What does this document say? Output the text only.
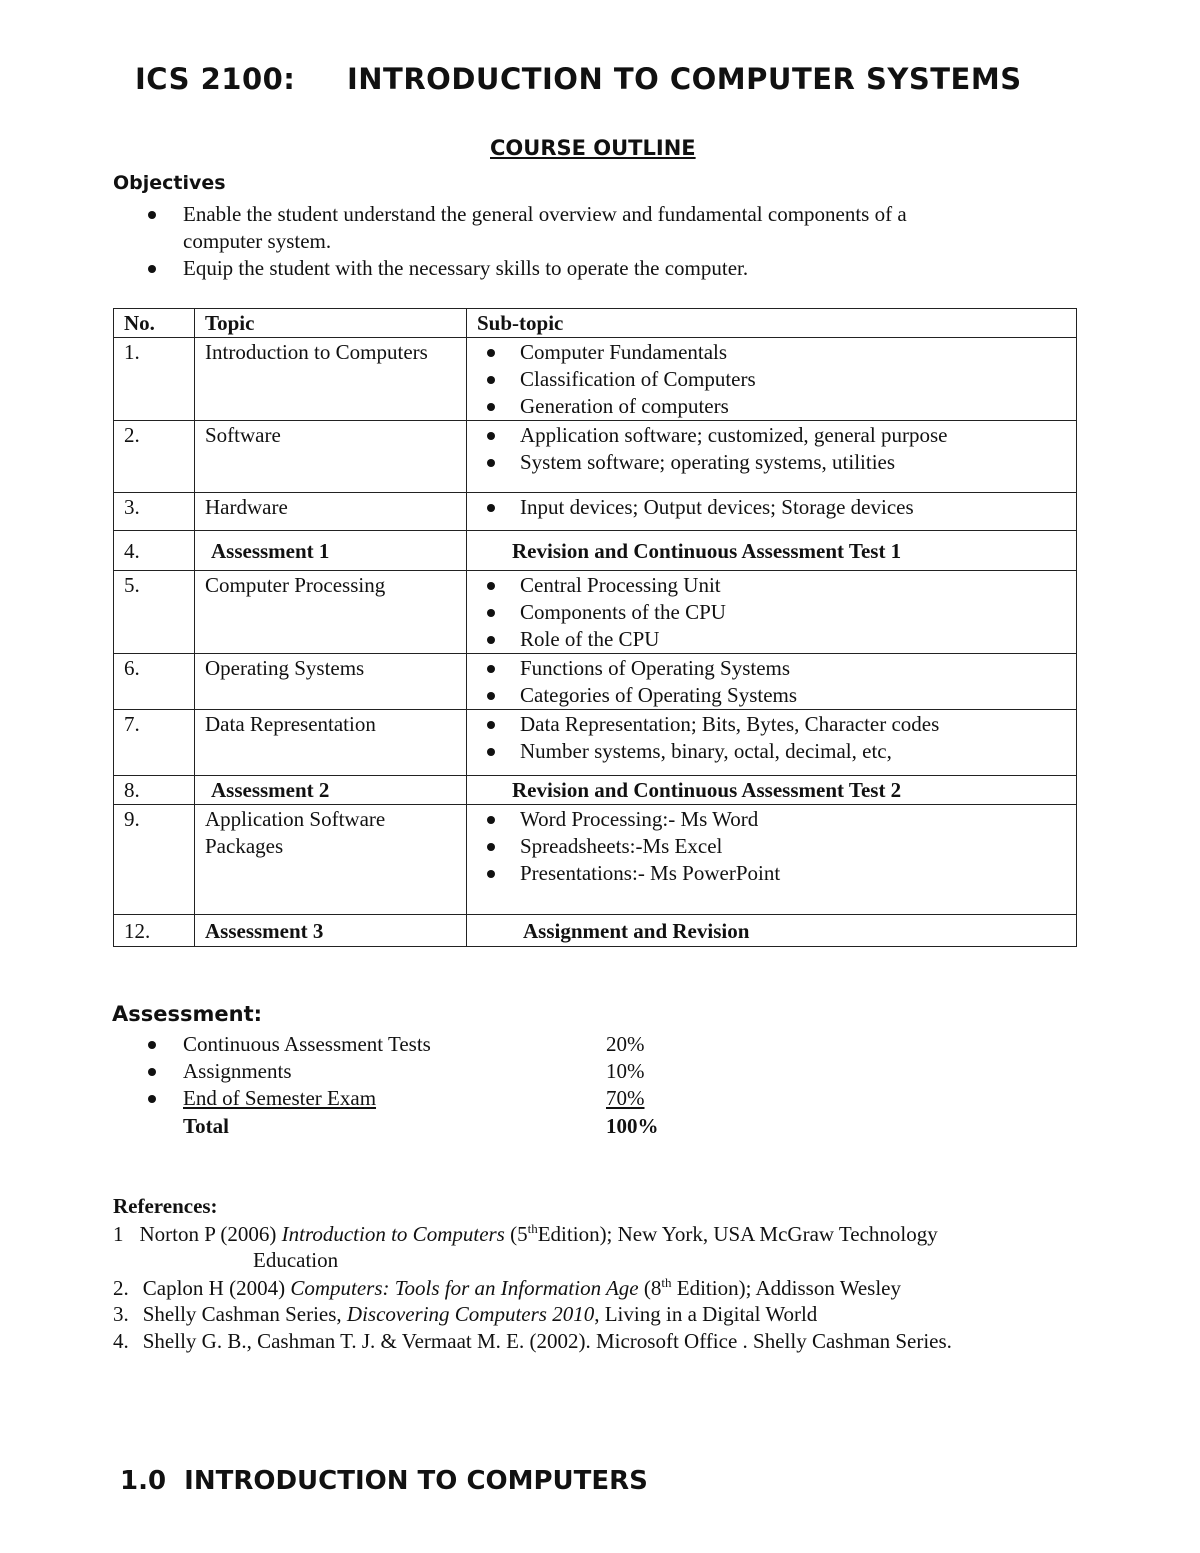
ICS 2100: INTRODUCTION TO COMPUTER SYSTEMS
COURSE OUTLINE
Objectives
Enable the student understand the general overview and fundamental components of a
computer system.
Equip the student with the necessary skills to operate the computer.
No.	Topic	Sub-topic
1.	Introduction to Computers	Computer Fundamentals
Classification of Computers
Generation of computers

2.	Software	Application software; customized, general purpose
System software; operating systems, utilities

3.	Hardware	Input devices; Output devices; Storage devices

4.	Assessment 1	Revision and Continuous Assessment Test 1
5.	Computer Processing	Central Processing Unit
Components of the CPU
Role of the CPU

6.	Operating Systems	Functions of Operating Systems
Categories of Operating Systems

7.	Data Representation	Data Representation; Bits, Bytes, Character codes
Number systems, binary, octal, decimal, etc,

8.	Assessment 2	Revision and Continuous Assessment Test 2
9.	Application Software Packages	Word Processing:- Ms Word
Spreadsheets:-Ms Excel
Presentations:- Ms PowerPoint

12.	Assessment 3	Assignment and Revision
Assessment:
Continuous Assessment Tests	20%
Assignments	10%
End of Semester Exam	70%
Total	100%
References:
1 Norton P (2006) Introduction to Computers (5thEdition); New York, USA McGraw Technology
Education
2. Caplon H (2004) Computers: Tools for an Information Age (8th Edition); Addisson Wesley
3. Shelly Cashman Series, Discovering Computers 2010, Living in a Digital World
4. Shelly G. B., Cashman T. J. & Vermaat M. E. (2002). Microsoft Office . Shelly Cashman Series.
1.0  INTRODUCTION TO COMPUTERS
